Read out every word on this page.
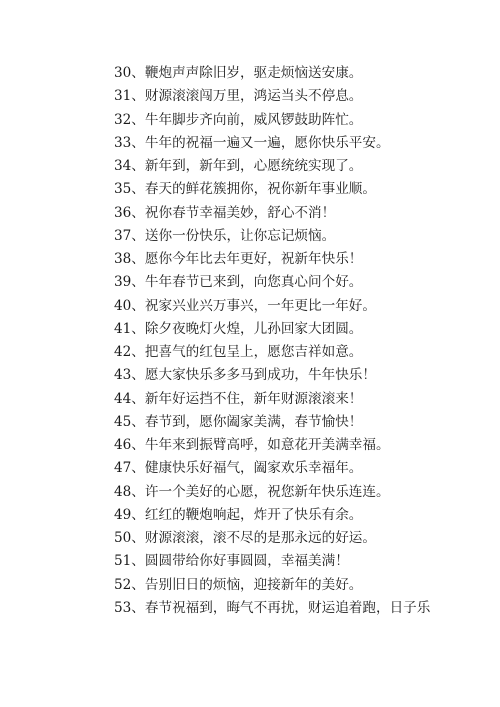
30、鞭炮声声除旧岁，驱走烦恼送安康。
31、财源滚滚闯万里，鸿运当头不停息。
32、牛年脚步齐向前，威风锣鼓助阵忙。
33、牛年的祝福一遍又一遍，愿你快乐平安。
34、新年到，新年到，心愿统统实现了。
35、春天的鲜花簇拥你，祝你新年事业顺。
36、祝你春节幸福美妙，舒心不消！
37、送你一份快乐，让你忘记烦恼。
38、愿你今年比去年更好，祝新年快乐！
39、牛年春节已来到，向您真心问个好。
40、祝家兴业兴万事兴，一年更比一年好。
41、除夕夜晚灯火煌，儿孙回家大团圆。
42、把喜气的红包呈上，愿您吉祥如意。
43、愿大家快乐多多马到成功，牛年快乐！
44、新年好运挡不住，新年财源滚滚来！
45、春节到，愿你阖家美满，春节愉快！
46、牛年来到振臂高呼，如意花开美满幸福。
47、健康快乐好福气，阖家欢乐幸福年。
48、许一个美好的心愿，祝您新年快乐连连。
49、红红的鞭炮响起，炸开了快乐有余。
50、财源滚滚，滚不尽的是那永远的好运。
51、圆圆带给你好事圆圆，幸福美满！
52、告别旧日的烦恼，迎接新年的美好。
53、春节祝福到，晦气不再扰，财运追着跑，日子乐
